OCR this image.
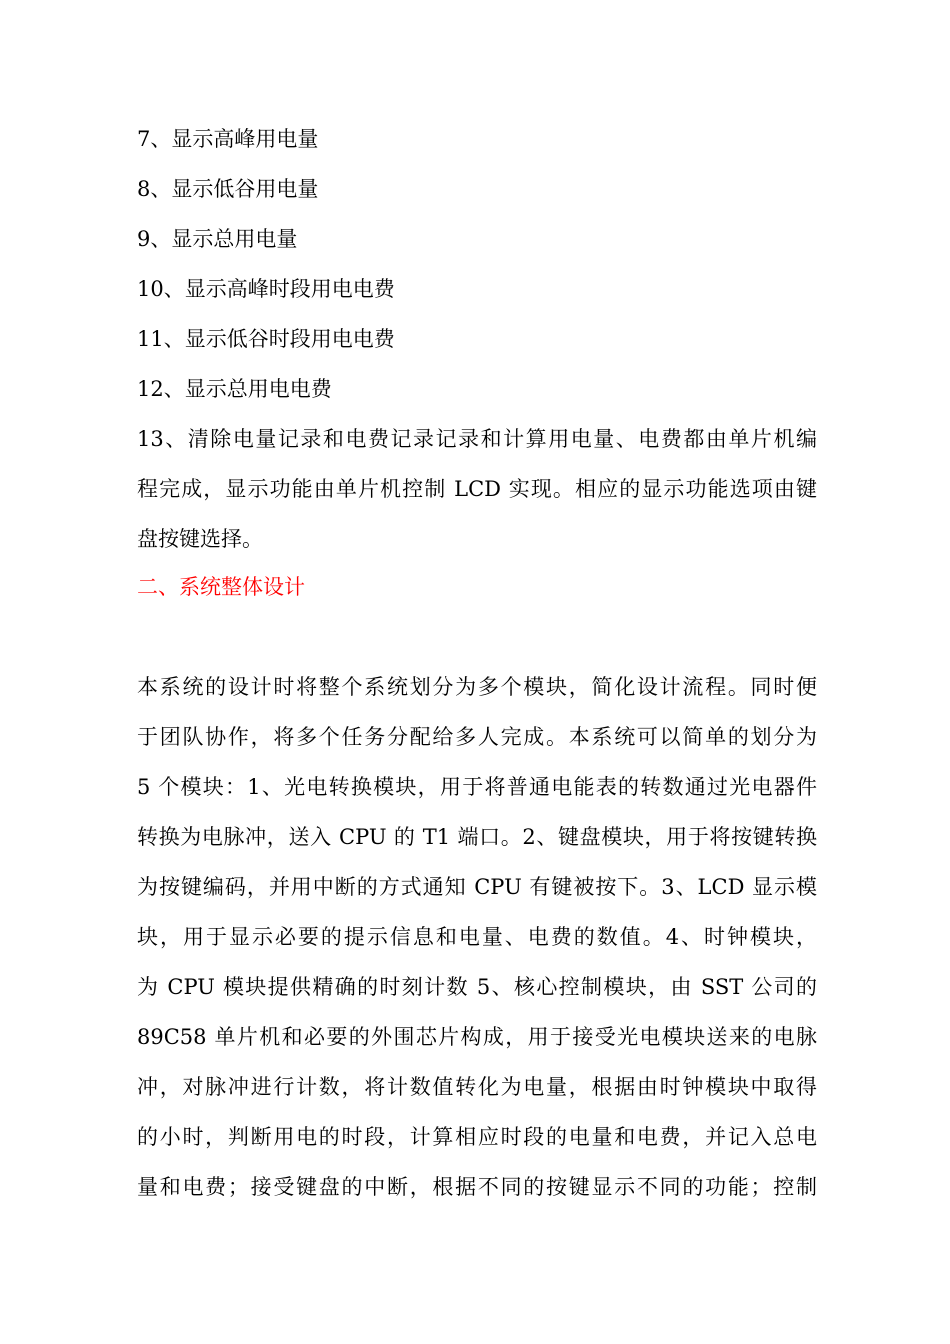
7、显示高峰用电量
8、显示低谷用电量
9、显示总用电量
10、显示高峰时段用电电费
11、显示低谷时段用电电费
12、显示总用电电费
13、清除电量记录和电费记录记录和计算用电量、电费都由单片机编
程完成，显示功能由单片机控制 LCD 实现。相应的显示功能选项由键
盘按键选择。
二、系统整体设计
本系统的设计时将整个系统划分为多个模块，简化设计流程。同时便
于团队协作，将多个任务分配给多人完成。本系统可以简单的划分为
5 个模块：1、光电转换模块，用于将普通电能表的转数通过光电器件
转换为电脉冲，送入 CPU 的 T1 端口。2、键盘模块，用于将按键转换
为按键编码，并用中断的方式通知 CPU 有键被按下。3、LCD 显示模
块，用于显示必要的提示信息和电量、电费的数值。4、时钟模块，
为 CPU 模块提供精确的时刻计数 5、核心控制模块，由 SST 公司的
89C58 单片机和必要的外围芯片构成，用于接受光电模块送来的电脉
冲，对脉冲进行计数，将计数值转化为电量，根据由时钟模块中取得
的小时，判断用电的时段，计算相应时段的电量和电费，并记入总电
量和电费；接受键盘的中断，根据不同的按键显示不同的功能；控制
